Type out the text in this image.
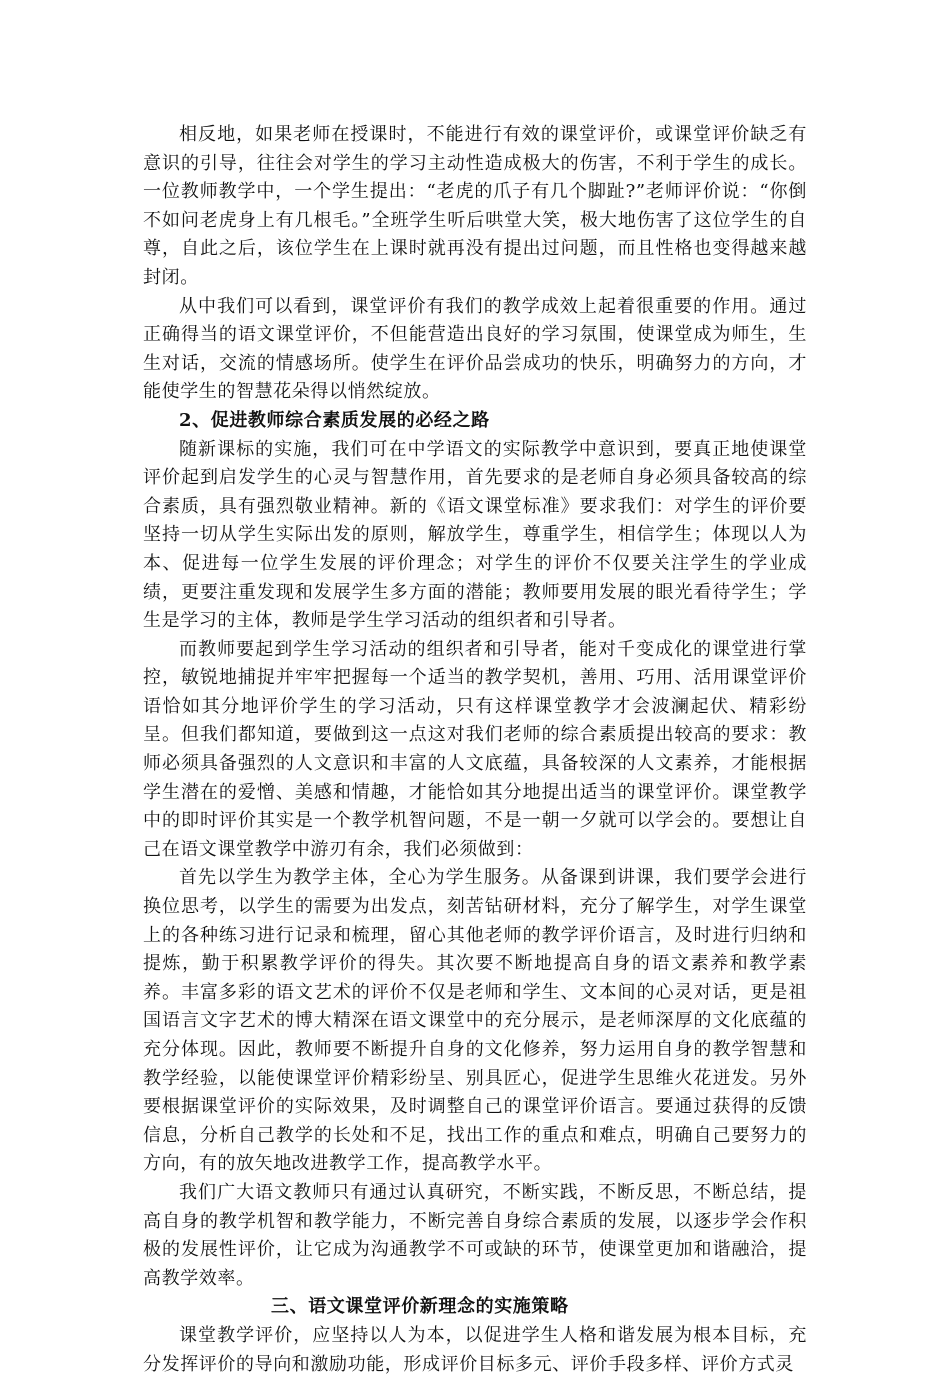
相反地，如果老师在授课时，不能进行有效的课堂评价，或课堂评价缺乏有意识的引导，往往会对学生的学习主动性造成极大的伤害，不利于学生的成长。一位教师教学中，一个学生提出：“老虎的爪子有几个脚趾?”老师评价说：“你倒不如问老虎身上有几根毛。”全班学生听后哄堂大笑，极大地伤害了这位学生的自尊，自此之后，该位学生在上课时就再没有提出过问题，而且性格也变得越来越封闭。

从中我们可以看到，课堂评价有我们的教学成效上起着很重要的作用。通过正确得当的语文课堂评价，不但能营造出良好的学习氛围，使课堂成为师生，生生对话，交流的情感场所。使学生在评价品尝成功的快乐，明确努力的方向，才能使学生的智慧花朵得以悄然绽放。

2、促进教师综合素质发展的必经之路

随新课标的实施，我们可在中学语文的实际教学中意识到，要真正地使课堂评价起到启发学生的心灵与智慧作用，首先要求的是老师自身必须具备较高的综合素质，具有强烈敬业精神。新的《语文课堂标准》要求我们：对学生的评价要坚持一切从学生实际出发的原则，解放学生，尊重学生，相信学生；体现以人为本、促进每一位学生发展的评价理念；对学生的评价不仅要关注学生的学业成绩，更要注重发现和发展学生多方面的潜能；教师要用发展的眼光看待学生；学生是学习的主体，教师是学生学习活动的组织者和引导者。

而教师要起到学生学习活动的组织者和引导者，能对千变成化的课堂进行掌控，敏锐地捕捉并牢牢把握每一个适当的教学契机，善用、巧用、活用课堂评价语恰如其分地评价学生的学习活动，只有这样课堂教学才会波澜起伏、精彩纷呈。但我们都知道，要做到这一点这对我们老师的综合素质提出较高的要求：教师必须具备强烈的人文意识和丰富的人文底蕴，具备较深的人文素养，才能根据学生潜在的爱憎、美感和情趣，才能恰如其分地提出适当的课堂评价。课堂教学中的即时评价其实是一个教学机智问题，不是一朝一夕就可以学会的。要想让自己在语文课堂教学中游刃有余，我们必须做到：

首先以学生为教学主体，全心为学生服务。从备课到讲课，我们要学会进行换位思考，以学生的需要为出发点，刻苦钻研材料，充分了解学生，对学生课堂上的各种练习进行记录和梳理，留心其他老师的教学评价语言，及时进行归纳和提炼，勤于积累教学评价的得失。其次要不断地提高自身的语文素养和教学素养。丰富多彩的语文艺术的评价不仅是老师和学生、文本间的心灵对话，更是祖国语言文字艺术的博大精深在语文课堂中的充分展示，是老师深厚的文化底蕴的充分体现。因此，教师要不断提升自身的文化修养，努力运用自身的教学智慧和教学经验，以能使课堂评价精彩纷呈、别具匠心，促进学生思维火花迸发。另外要根据课堂评价的实际效果，及时调整自己的课堂评价语言。要通过获得的反馈信息，分析自己教学的长处和不足，找出工作的重点和难点，明确自己要努力的方向，有的放矢地改进教学工作，提高教学水平。

我们广大语文教师只有通过认真研究，不断实践，不断反思，不断总结，提高自身的教学机智和教学能力，不断完善自身综合素质的发展，以逐步学会作积极的发展性评价，让它成为沟通教学不可或缺的环节，使课堂更加和谐融洽，提高教学效率。

三、语文课堂评价新理念的实施策略

课堂教学评价，应坚持以人为本，以促进学生人格和谐发展为根本目标，充分发挥评价的导向和激励功能，形成评价目标多元、评价手段多样、评价方式灵
